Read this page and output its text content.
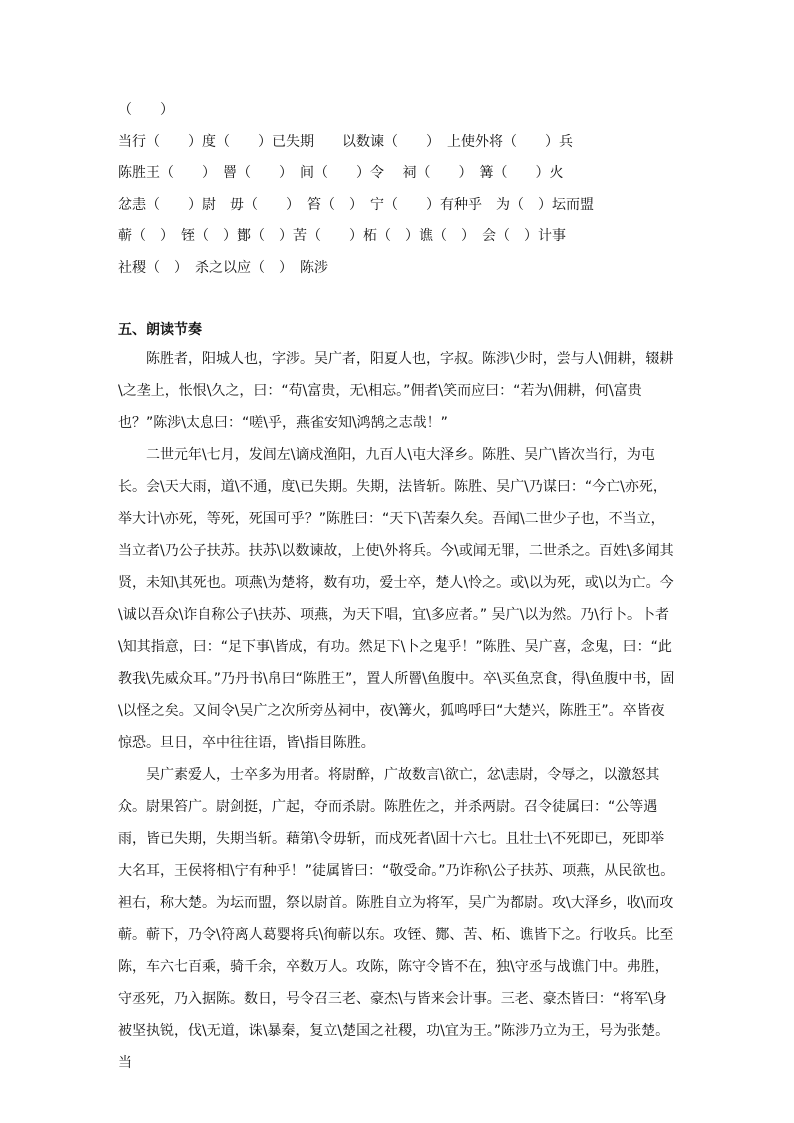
（　　）
当行（　　）度（　　）已失期　　以数谏（　　）　上使外将（　　）兵
陈胜王（　　）　罾（　　）　间（　　）令　 祠（　　）　篝（　　）火
忿恚（　　）尉　毋（　　）　笞（　）　宁（　　）有种乎　为（　）坛而盟
蕲（　）　铚（　）鄼（　）苦（　　）柘（　）谯（　）　会（　）计事
社稷（　）　杀之以应（　）　陈涉
五、朗读节奏
陈胜者，阳城人也，字涉。吴广者，阳夏人也，字叔。陈涉\少时，尝与人\佣耕，辍耕\之垄上，怅恨\久之，曰：“苟\富贵，无\相忘。”佣者\笑而应曰：“若为\佣耕，何\富贵也？”陈涉\太息曰：“嗟\乎，燕雀安知\鸿鹄之志哉！”
二世元年\七月，发闾左\谪戍渔阳，九百人\屯大泽乡。陈胜、吴广\皆次当行，为屯长。会\天大雨，道\不通，度\已失期。失期，法皆斩。陈胜、吴广\乃谋曰：“今亡\亦死，举大计\亦死，等死，死国可乎？”陈胜曰：“天下\苦秦久矣。吾闻\二世少子也，不当立，当立者\乃公子扶苏。扶苏\以数谏故，上使\外将兵。今\或闻无罪，二世杀之。百姓\多闻其贤，未知\其死也。项燕\为楚将，数有功，爱士卒，楚人\怜之。或\以为死，或\以为亡。今\诚以吾众\诈自称公子\扶苏、项燕，为天下唱，宜\多应者。” 吴广\以为然。乃\行卜。卜者\知其指意，曰：“足下事\皆成，有功。然足下\卜之鬼乎！”陈胜、吴广喜，念鬼，曰：“此教我\先威众耳。”乃丹书\帛曰“陈胜王”，置人所罾\鱼腹中。卒\买鱼烹食，得\鱼腹中书，固\以怪之矣。又间令\吴广之次所旁丛祠中，夜\篝火，狐鸣呼曰“大楚兴，陈胜王”。卒皆夜惊恐。旦日，卒中往往语，皆\指目陈胜。
吴广素爱人，士卒多为用者。将尉醉，广故数言\欲亡，忿\恚尉，令辱之，以激怒其众。尉果笞广。尉剑挺，广起，夺而杀尉。陈胜佐之，并杀两尉。召令徒属曰：“公等遇雨，皆已失期，失期当斩。藉第\令毋斩，而戍死者\固十六七。且壮士\不死即已，死即举大名耳，王侯将相\宁有种乎！”徒属皆曰：“敬受命。”乃诈称\公子扶苏、项燕，从民欲也。袒右，称大楚。为坛而盟，祭以尉首。陈胜自立为将军，吴广为都尉。攻\大泽乡，收\而攻蕲。蕲下，乃令\符离人葛婴将兵\徇蕲以东。攻铚、酂、苦、柘、谯皆下之。行收兵。比至陈，车六七百乘，骑千余，卒数万人。攻陈，陈守令皆不在，独\守丞与战谯门中。弗胜，守丞死，乃入据陈。数日，号令召三老、豪杰\与皆来会计事。三老、豪杰皆曰：“将军\身被坚执锐，伐\无道，诛\暴秦，复立\楚国之社稷，功\宜为王。”陈涉乃立为王，号为张楚。当
